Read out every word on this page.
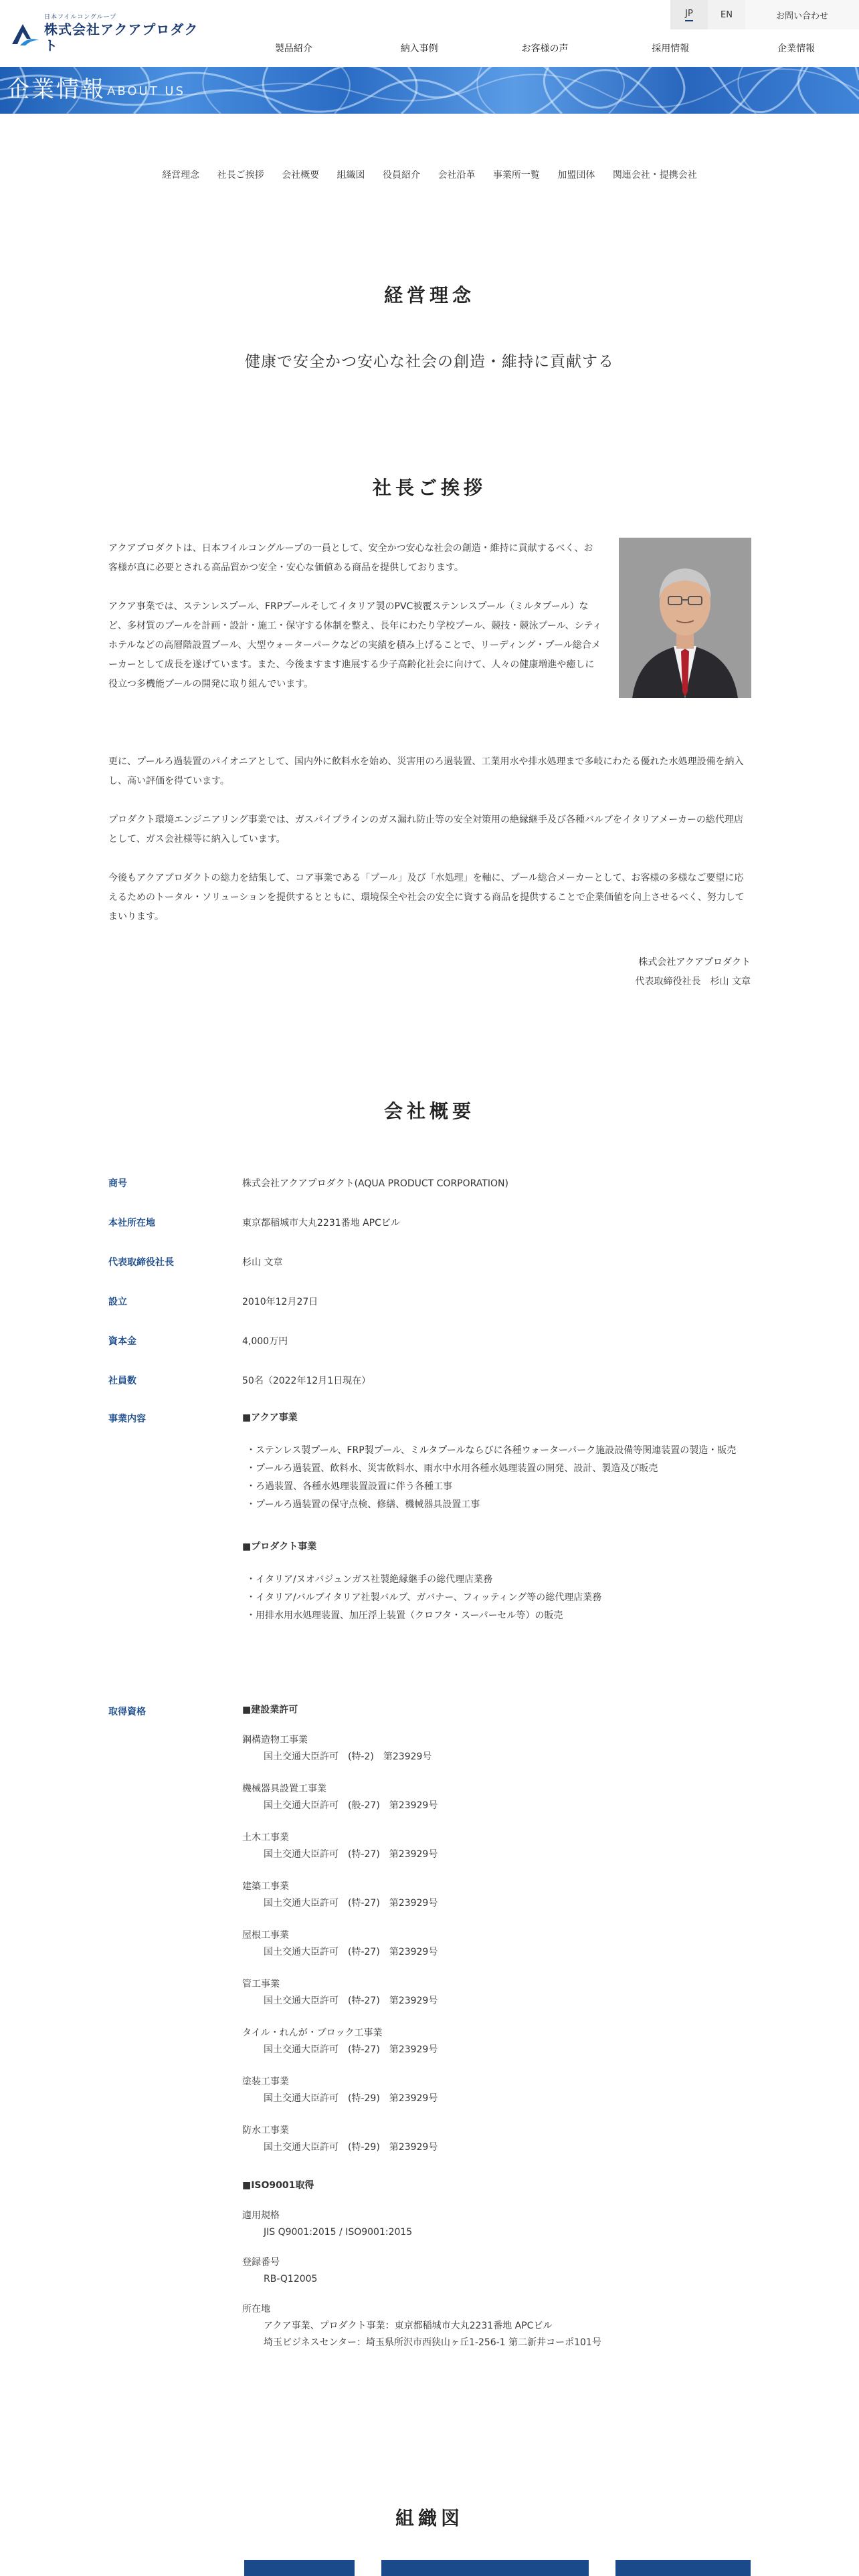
日本フイルコングループ
株式会社アクアプロダクト
JP	EN	お問い合わせ
製品紹介	納入事例	お客様の声	採用情報	企業情報
企業情報 ABOUT US
経営理念 社長ご挨拶 会社概要 組織図 役員紹介 会社沿革 事業所一覧 加盟団体 関連会社・提携会社
経営理念

健康で安全かつ安心な社会の創造・維持に貢献する

社長ご挨拶

アクアプロダクトは、日本フイルコングループの一員として、安全かつ安心な社会の創造・維持に貢献するべく、お客様が真に必要とされる高品質かつ安全・安心な価値ある商品を提供しております。

アクア事業では、ステンレスプール、FRPプールそしてイタリア製のPVC被覆ステンレスプール（ミルタプール）など、多材質のプールを計画・設計・施工・保守する体制を整え、長年にわたり学校プール、競技・競泳プール、シティホテルなどの高層階設置プール、大型ウォーターパークなどの実績を積み上げることで、リーディング・プール総合メーカーとして成長を遂げています。また、今後ますます進展する少子高齢化社会に向けて、人々の健康増進や癒しに役立つ多機能プールの開発に取り組んでいます。

更に、プールろ過装置のパイオニアとして、国内外に飲料水を始め、災害用のろ過装置、工業用水や排水処理まで多岐にわたる優れた水処理設備を納入し、高い評価を得ています。

プロダクト環境エンジニアリング事業では、ガスパイプラインのガス漏れ防止等の安全対策用の絶縁継手及び各種バルブをイタリアメーカーの総代理店として、ガス会社様等に納入しています。

今後もアクアプロダクトの総力を結集して、コア事業である「プール」及び「水処理」を軸に、プール総合メーカーとして、お客様の多様なご要望に応えるためのトータル・ソリューションを提供するとともに、環境保全や社会の安全に資する商品を提供することで企業価値を向上させるべく、努力してまいります。

株式会社アクアプロダクト
代表取締役社長　杉山 文章
会社概要
商号	株式会社アクアプロダクト(AQUA PRODUCT CORPORATION)
本社所在地	東京都稲城市大丸2231番地 APCビル
代表取締役社長	杉山 文章
設立	2010年12月27日
資本金	4,000万円
社員数	50名（2022年12月1日現在）
事業内容	■アクア事業
・ステンレス製プール、FRP製プール、ミルタプールならびに各種ウォーターパーク施設設備等関連装置の製造・販売
・プールろ過装置、飲料水、災害飲料水、雨水中水用各種水処理装置の開発、設計、製造及び販売
・ろ過装置、各種水処理装置設置に伴う各種工事
・プールろ過装置の保守点検、修繕、機械器具設置工事
■プロダクト事業
・イタリア/ヌオバジュンガス社製絶縁継手の総代理店業務
・イタリア/バルブイタリア社製バルブ、ガバナー、フィッティング等の総代理店業務
・用排水用水処理装置、加圧浮上装置（クロフタ・スーパーセル等）の販売
取得資格	■建設業許可
鋼構造物工事業
国土交通大臣許可　(特-2)　第23929号
機械器具設置工事業
国土交通大臣許可　(般-27)　第23929号
土木工事業
国土交通大臣許可　(特-27)　第23929号
建築工事業
国土交通大臣許可　(特-27)　第23929号
屋根工事業
国土交通大臣許可　(特-27)　第23929号
管工事業
国土交通大臣許可　(特-27)　第23929号
タイル・れんが・ブロック工事業
国土交通大臣許可　(特-27)　第23929号
塗装工事業
国土交通大臣許可　(特-29)　第23929号
防水工事業
国土交通大臣許可　(特-29)　第23929号
■ISO9001取得
適用規格
JIS Q9001:2015 / ISO9001:2015
登録番号
RB-Q12005
所在地
アクア事業、プロダクト事業：東京都稲城市大丸2231番地 APCビル
埼玉ビジネスセンター：埼玉県所沢市西狭山ヶ丘1-256-1 第二新井コーポ101号
組織図
